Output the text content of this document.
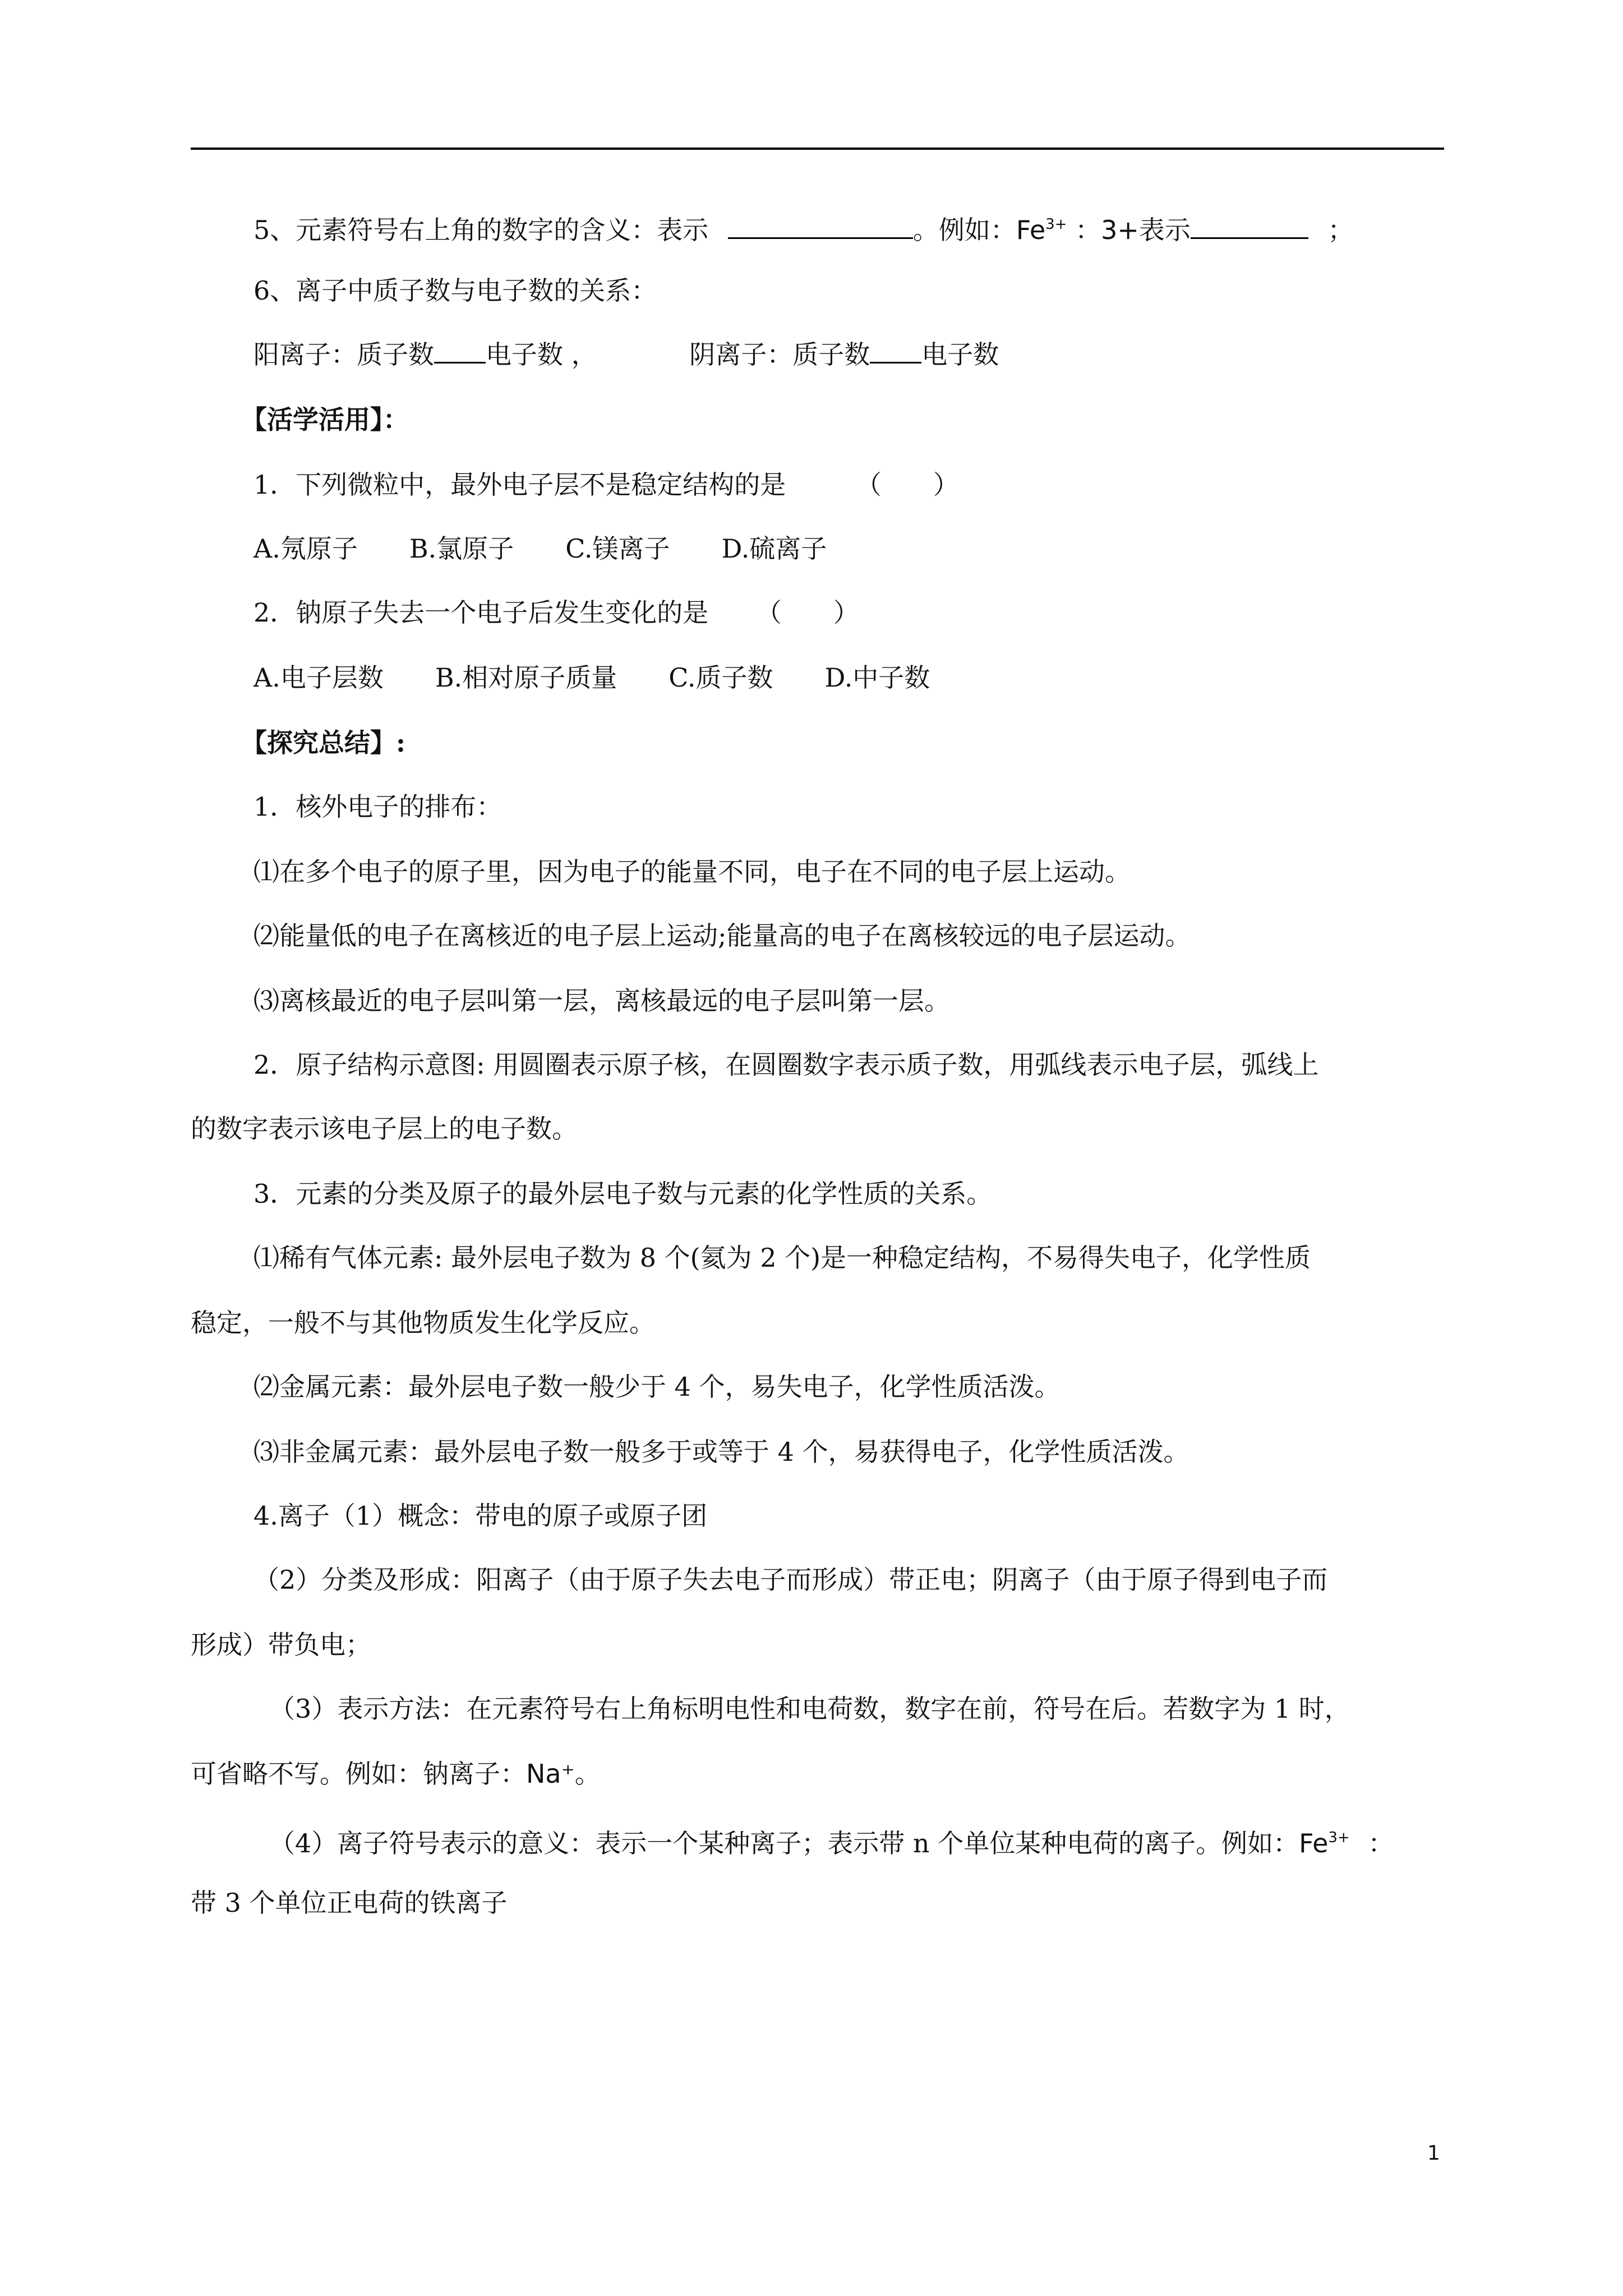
5、元素符号右上角的数字的含义：表示	。例如：$Fe^{3+}$ ：3+表示	；
6、离子中质子数与电子数的关系：
阳离子：质子数 电子数 ，	阴离子：质子数 电子数
【活学活用】：
1．下列微粒中，最外电子层不是稳定结构的是	（　　）
A.氖原子　　B.氯原子　　C.镁离子　　D.硫离子
2．钠原子失去一个电子后发生变化的是 （　　）
A.电子层数　　B.相对原子质量　　C.质子数　　D.中子数
【探究总结】:
1．核外电子的排布：
⑴在多个电子的原子里，因为电子的能量不同，电子在不同的电子层上运动。
⑵能量低的电子在离核近的电子层上运动;能量高的电子在离核较远的电子层运动。
⑶离核最近的电子层叫第一层，离核最远的电子层叫第一层。
2．原子结构示意图: 用圆圈表示原子核，在圆圈数字表示质子数，用弧线表示电子层，弧线上
的数字表示该电子层上的电子数。
3．元素的分类及原子的最外层电子数与元素的化学性质的关系。
⑴稀有气体元素: 最外层电子数为 8 个(氦为 2 个)是一种稳定结构，不易得失电子，化学性质
稳定，一般不与其他物质发生化学反应。
⑵金属元素：最外层电子数一般少于 4 个，易失电子，化学性质活泼。
⑶非金属元素：最外层电子数一般多于或等于 4 个，易获得电子，化学性质活泼。
4.离子（1）概念：带电的原子或原子团
（2）分类及形成：阳离子（由于原子失去电子而形成）带正电；阴离子（由于原子得到电子而
形成）带负电；
（3）表示方法：在元素符号右上角标明电性和电荷数，数字在前，符号在后。若数字为 1 时，
可省略不写。例如：钠离子：Na⁺。
（4）离子符号表示的意义：表示一个某种离子；表示带 n 个单位某种电荷的离子。例如：$Fe^{3+}$ ：
带 3 个单位正电荷的铁离子
1
